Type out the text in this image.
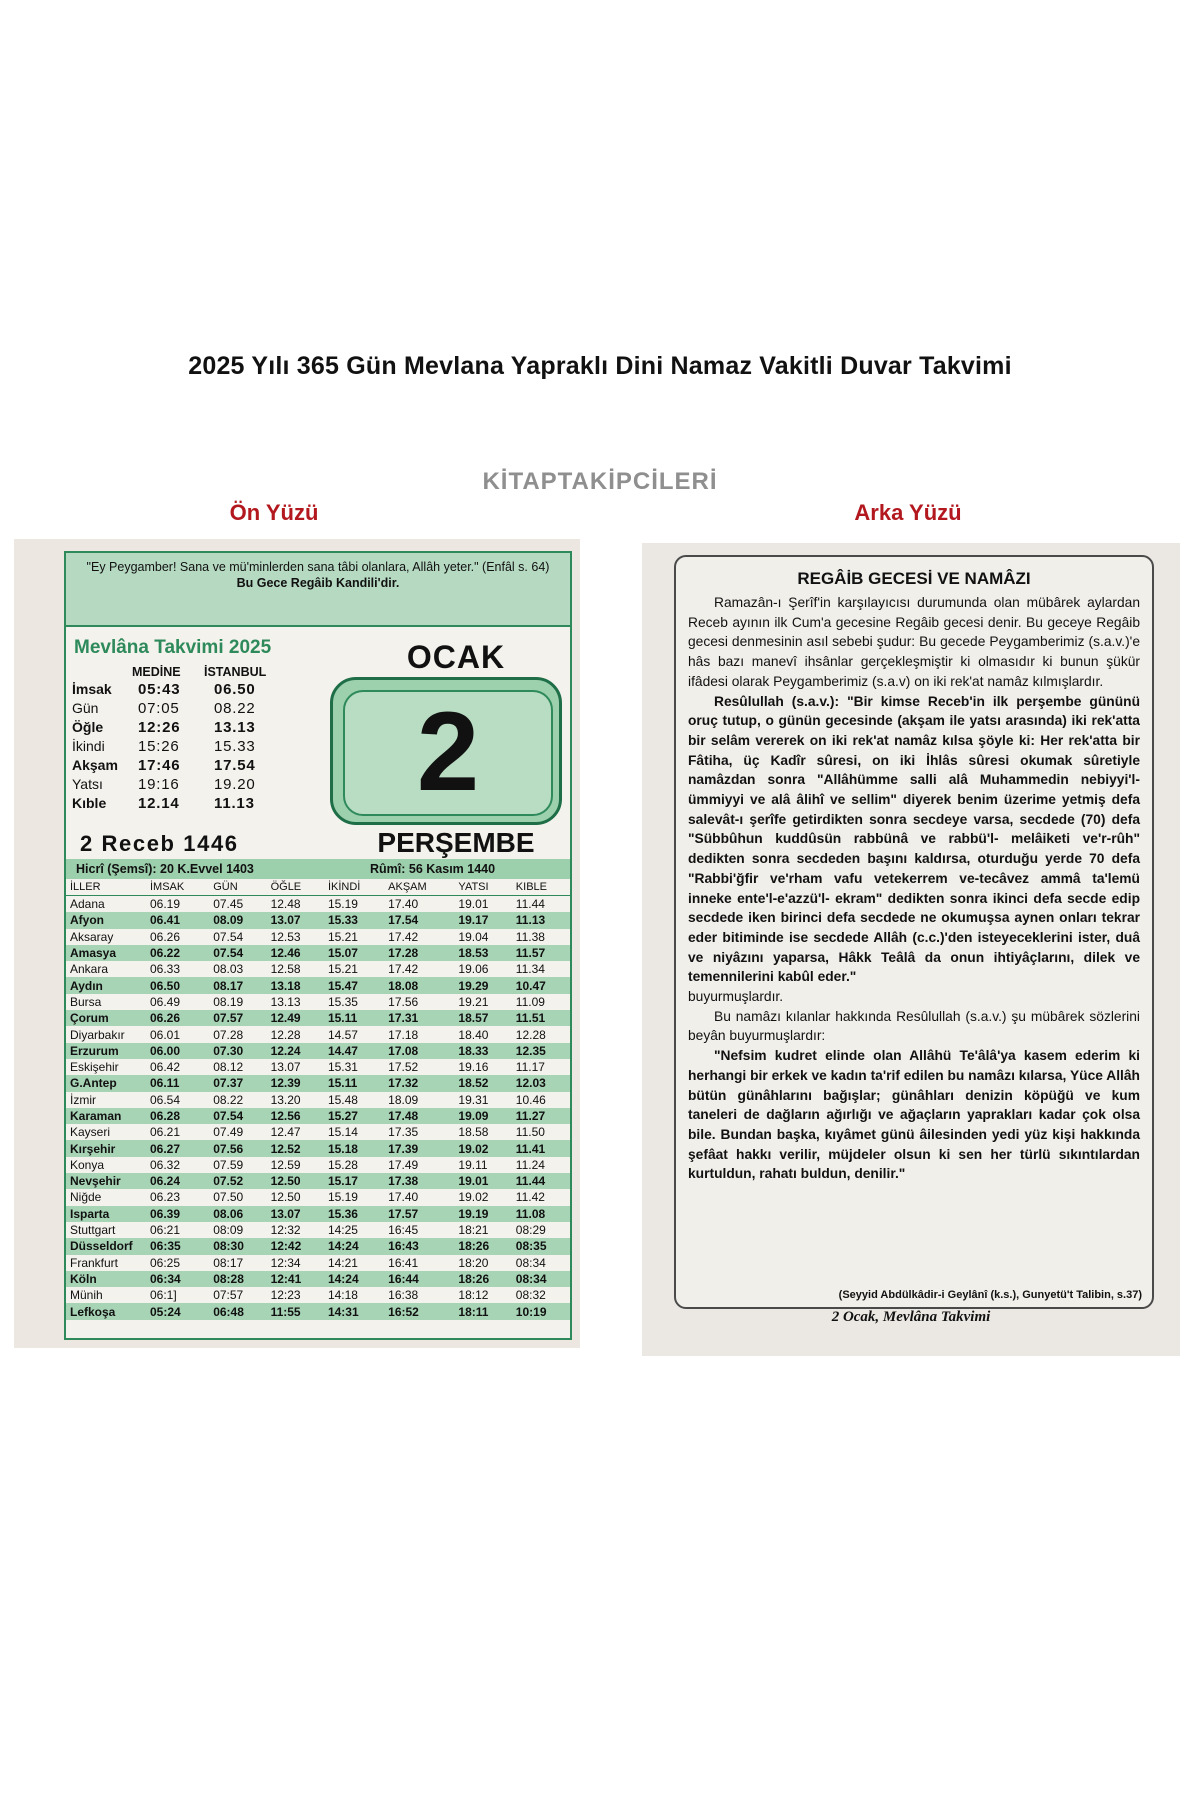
2025 Yılı 365 Gün Mevlana Yapraklı Dini Namaz Vakitli Duvar Takvimi
KİTAPTAKİPCİLERİ
Ön Yüzü	Arka Yüzü
"Ey Peygamber! Sana ve mü'minlerden sana tâbi olanlara, Allâh yeter." (Enfâl s. 64)
Bu Gece Regâib Kandili'dir.
Mevlâna Takvimi 2025
MEDİNE İSTANBUL
İmsak	05:43 06.50
Gün	07:05 08.22
Öğle	12:26 13.13
İkindi	15:26 15.33
Akşam	17:46 17.54
Yatsı	19:16 19.20
Kıble	12.14 11.13
OCAK
2
PERŞEMBE
2 Receb 1446
Hicrî (Şemsî): 20 K.Evvel 1403	Rûmî: 56 Kasım 1440
İLLER	İMSAK	GÜN	ÖĞLE	İKİNDİ	AKŞAM	YATSI	KIBLE
Adana	06.19	07.45	12.48	15.19	17.40	19.01	11.44
Afyon	06.41	08.09	13.07	15.33	17.54	19.17	11.13
Aksaray	06.26	07.54	12.53	15.21	17.42	19.04	11.38
Amasya	06.22	07.54	12.46	15.07	17.28	18.53	11.57
Ankara	06.33	08.03	12.58	15.21	17.42	19.06	11.34
Aydın	06.50	08.17	13.18	15.47	18.08	19.29	10.47
Bursa	06.49	08.19	13.13	15.35	17.56	19.21	11.09
Çorum	06.26	07.57	12.49	15.11	17.31	18.57	11.51
Diyarbakır	06.01	07.28	12.28	14.57	17.18	18.40	12.28
Erzurum	06.00	07.30	12.24	14.47	17.08	18.33	12.35
Eskişehir	06.42	08.12	13.07	15.31	17.52	19.16	11.17
G.Antep	06.11	07.37	12.39	15.11	17.32	18.52	12.03
İzmir	06.54	08.22	13.20	15.48	18.09	19.31	10.46
Karaman	06.28	07.54	12.56	15.27	17.48	19.09	11.27
Kayseri	06.21	07.49	12.47	15.14	17.35	18.58	11.50
Kırşehir	06.27	07.56	12.52	15.18	17.39	19.02	11.41
Konya	06.32	07.59	12.59	15.28	17.49	19.11	11.24
Nevşehir	06.24	07.52	12.50	15.17	17.38	19.01	11.44
Niğde	06.23	07.50	12.50	15.19	17.40	19.02	11.42
Isparta	06.39	08.06	13.07	15.36	17.57	19.19	11.08
Stuttgart	06:21	08:09	12:32	14:25	16:45	18:21	08:29
Düsseldorf	06:35	08:30	12:42	14:24	16:43	18:26	08:35
Frankfurt	06:25	08:17	12:34	14:21	16:41	18:20	08:34
Köln	06:34	08:28	12:41	14:24	16:44	18:26	08:34
Münih	06:1]	07:57	12:23	14:18	16:38	18:12	08:32
Lefkoşa	05:24	06:48	11:55	14:31	16:52	18:11	10:19
REGÂİB GECESİ VE NAMÂZI

Ramazân-ı Şerîf'in karşılayıcısı durumunda olan mübârek aylardan Receb ayının ilk Cum'a gecesine Regâib gecesi denir. Bu geceye Regâib gecesi denmesinin asıl sebebi şudur: Bu gecede Peygamberimiz (s.a.v.)'e hâs bazı manevî ihsânlar gerçekleşmiştir ki olmasıdır ki bunun şükür ifâdesi olarak Peygamberimiz (s.a.v) on iki rek'at namâz kılmışlardır.

Resûlullah (s.a.v.): "Bir kimse Receb'in ilk perşembe gününü oruç tutup, o günün gecesinde (akşam ile yatsı arasında) iki rek'atta bir selâm vererek on iki rek'at namâz kılsa şöyle ki: Her rek'atta bir Fâtiha, üç Kadîr sûresi, on iki İhlâs sûresi okumak sûretiyle namâzdan sonra "Allâhümme salli alâ Muhammedin nebiyyi'l-ümmiyyi ve alâ âlihî ve sellim" diyerek benim üzerime yetmiş defa salevât-ı şerîfe getirdikten sonra secdeye varsa, secdede (70) defa "Sübbûhun kuddûsün rabbünâ ve rabbü'l- melâiketi ve'r-rûh" dedikten sonra secdeden başını kaldırsa, oturduğu yerde 70 defa "Rabbi'ğfir ve'rham vafu vetekerrem ve-tecâvez ammâ ta'lemü inneke ente'l-e'azzü'l- ekram" dedikten sonra ikinci defa secde edip secdede iken birinci defa secdede ne okumuşsa aynen onları tekrar eder bitiminde ise secdede Allâh (c.c.)'den isteyeceklerini ister, duâ ve niyâzını yaparsa, Hâkk Teâlâ da onun ihtiyâçlarını, dilek ve temennilerini kabûl eder."

buyurmuşlardır.

Bu namâzı kılanlar hakkında Resûlullah (s.a.v.) şu mübârek sözlerini beyân buyurmuşlardır:

"Nefsim kudret elinde olan Allâhü Te'âlâ'ya kasem ederim ki herhangi bir erkek ve kadın ta'rif edilen bu namâzı kılarsa, Yüce Allâh bütün günâhlarını bağışlar; günâhları denizin köpüğü ve kum taneleri de dağların ağırlığı ve ağaçların yaprakları kadar çok olsa bile. Bundan başka, kıyâmet günü âilesinden yedi yüz kişi hakkında şefâat hakkı verilir, müjdeler olsun ki sen her türlü sıkıntılardan kurtuldun, rahatı buldun, denilir."

(Seyyid Abdülkâdir-i Geylânî (k.s.), Gunyetü't Talibin, s.37)
2 Ocak, Mevlâna Takvimi
